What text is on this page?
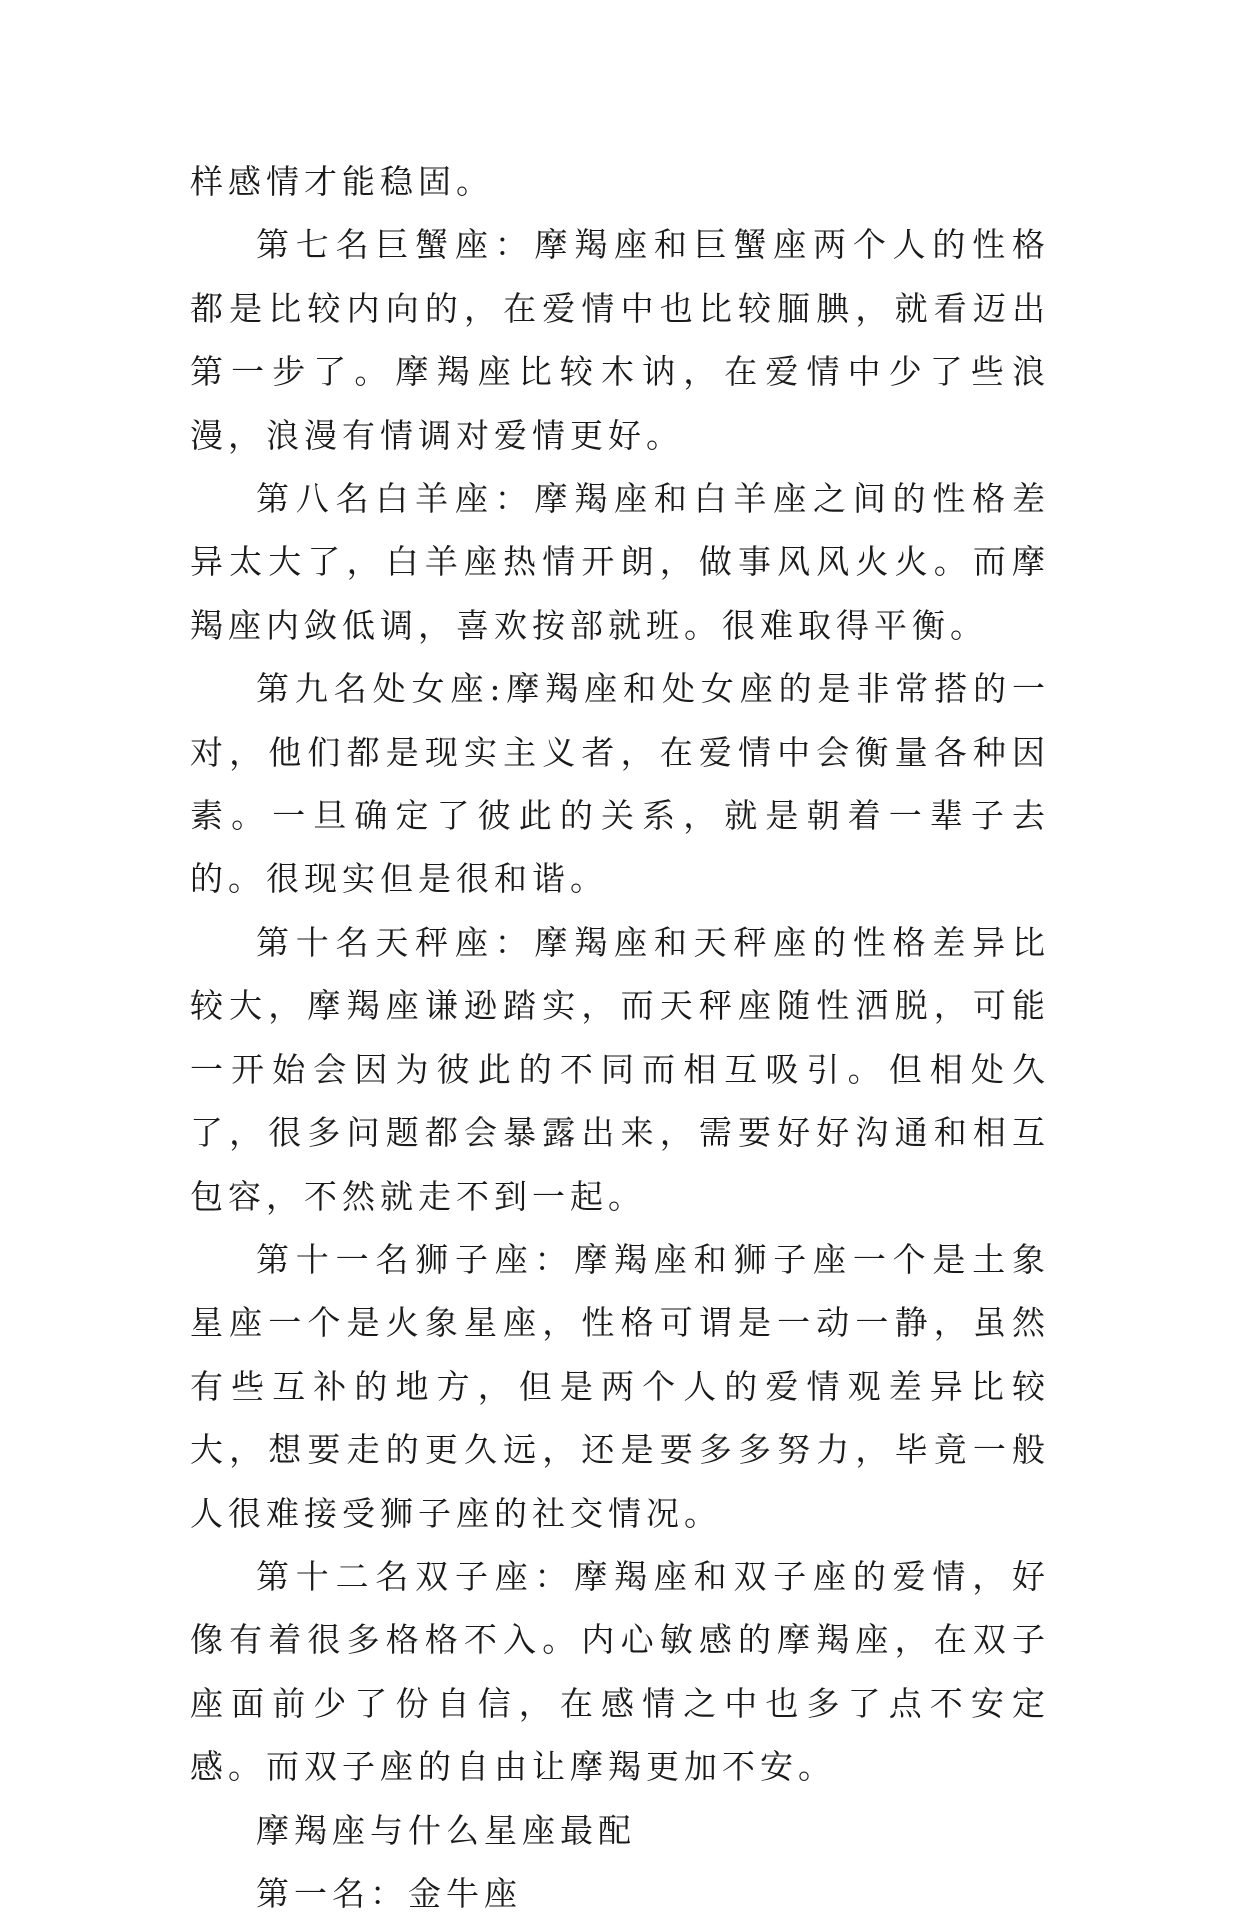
样感情才能稳固。

第七名巨蟹座：摩羯座和巨蟹座两个人的性格都是比较内向的，在爱情中也比较腼腆，就看迈出第一步了。摩羯座比较木讷，在爱情中少了些浪漫，浪漫有情调对爱情更好。

第八名白羊座：摩羯座和白羊座之间的性格差异太大了，白羊座热情开朗，做事风风火火。而摩羯座内敛低调，喜欢按部就班。很难取得平衡。

第九名处女座:摩羯座和处女座的是非常搭的一对，他们都是现实主义者，在爱情中会衡量各种因素。一旦确定了彼此的关系，就是朝着一辈子去的。很现实但是很和谐。

第十名天秤座：摩羯座和天秤座的性格差异比较大，摩羯座谦逊踏实，而天秤座随性洒脱，可能一开始会因为彼此的不同而相互吸引。但相处久了，很多问题都会暴露出来，需要好好沟通和相互包容，不然就走不到一起。

第十一名狮子座：摩羯座和狮子座一个是土象星座一个是火象星座，性格可谓是一动一静，虽然有些互补的地方，但是两个人的爱情观差异比较大，想要走的更久远，还是要多多努力，毕竟一般人很难接受狮子座的社交情况。

第十二名双子座：摩羯座和双子座的爱情，好像有着很多格格不入。内心敏感的摩羯座，在双子座面前少了份自信，在感情之中也多了点不安定感。而双子座的自由让摩羯更加不安。

摩羯座与什么星座最配

第一名：金牛座
